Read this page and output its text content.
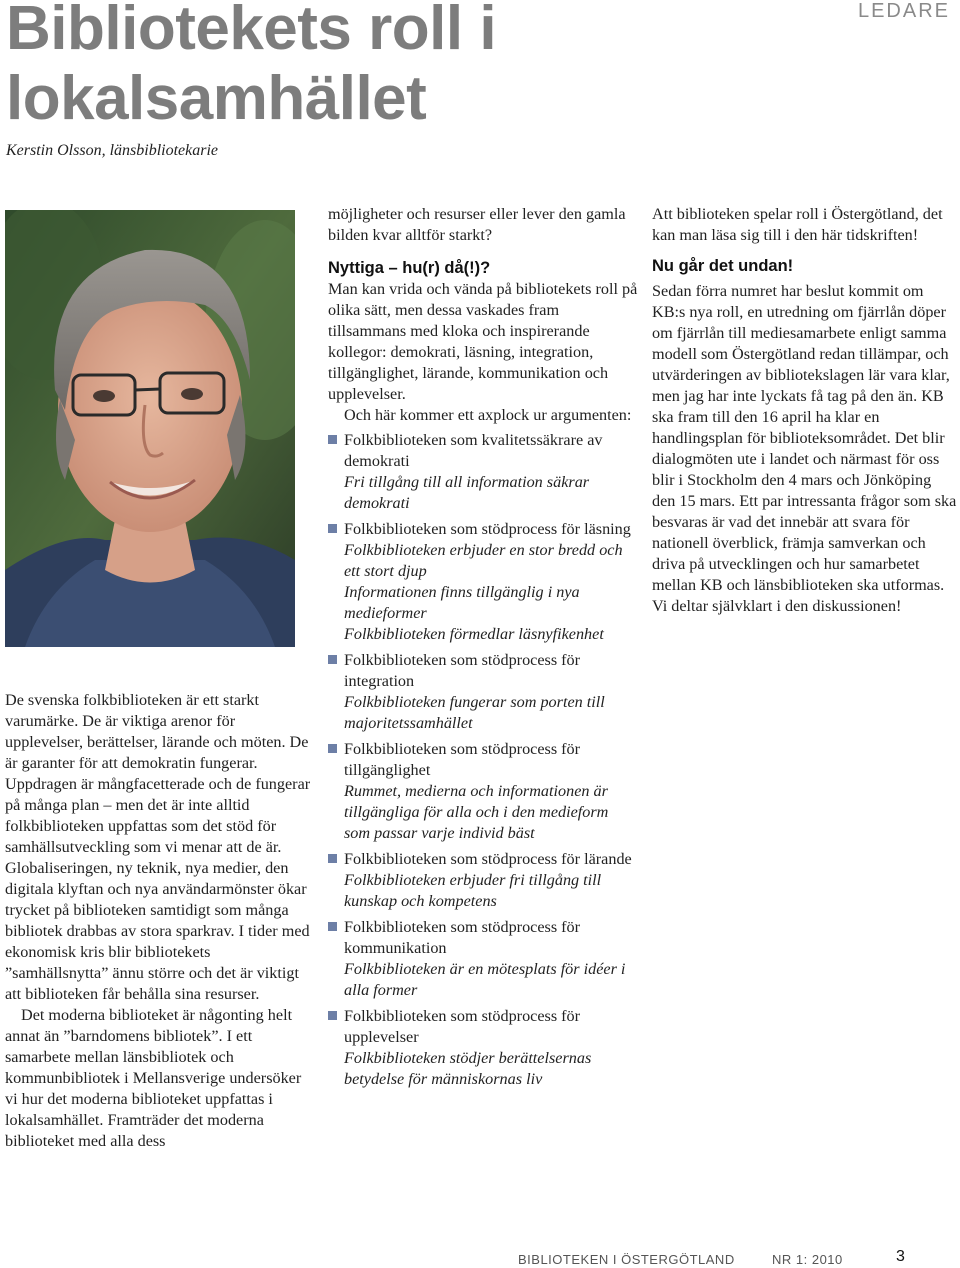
Bibliotekets roll i lokalsamhället
LEDARE
Kerstin Olsson, länsbibliotekarie

De svenska folkbiblioteken är ett starkt varumärke. De är viktiga arenor för upplevelser, berättelser, lärande och möten. De är garanter för att demokratin fungerar. Uppdragen är mångfacetterade och de fungerar på många plan – men det är inte alltid folkbiblioteken uppfattas som det stöd för samhällsutveckling som vi menar att de är. Globaliseringen, ny teknik, nya medier, den digitala klyftan och nya användarmönster ökar trycket på biblioteken samtidigt som många bibliotek drabbas av stora sparkrav. I tider med ekonomisk kris blir bibliotekets ”samhällsnytta” ännu större och det är viktigt att biblioteken får behålla sina resurser.

Det moderna biblioteket är någonting helt annat än ”barndomens bibliotek”. I ett samarbete mellan länsbibliotek och kommunbibliotek i Mellansverige undersöker vi hur det moderna biblioteket uppfattas i lokalsamhället. Framträder det moderna biblioteket med alla dess

möjligheter och resurser eller lever den gamla bilden kvar alltför starkt?

Nyttiga – hu(r) då(!)?

Man kan vrida och vända på bibliotekets roll på olika sätt, men dessa vaskades fram tillsammans med kloka och inspirerande kollegor: demokrati, läsning, integration, tillgänglighet, lärande, kommunikation och upplevelser.

Och här kommer ett axplock ur argumenten:

Folkbiblioteken som kvalitetssäkrare av demokrati
Fri tillgång till all information säkrar demokrati
Folkbiblioteken som stödprocess för läsning
Folkbiblioteken erbjuder en stor bredd och ett stort djup
Informationen finns tillgänglig i nya medieformer
Folkbiblioteken förmedlar läsnyfikenhet
Folkbiblioteken som stödprocess för integration
Folkbiblioteken fungerar som porten till majoritetssamhället
Folkbiblioteken som stödprocess för tillgänglighet
Rummet, medierna och informationen är tillgängliga för alla och i den medieform som passar varje individ bäst
Folkbiblioteken som stödprocess för lärande
Folkbiblioteken erbjuder fri tillgång till kunskap och kompetens
Folkbiblioteken som stödprocess för kommunikation
Folkbiblioteken är en mötesplats för idéer i alla former
Folkbiblioteken som stödprocess för upplevelser
Folkbiblioteken stödjer berättelsernas betydelse för människornas liv

Att biblioteken spelar roll i Östergötland, det kan man läsa sig till i den här tidskriften!

Nu går det undan!

Sedan förra numret har beslut kommit om KB:s nya roll, en utredning om fjärrlån döper om fjärrlån till mediesamarbete enligt samma modell som Östergötland redan tillämpar, och utvärderingen av bibliotekslagen lär vara klar, men jag har inte lyckats få tag på den än. KB ska fram till den 16 april ha klar en handlingsplan för biblioteksområdet. Det blir dialogmöten ute i landet och närmast för oss blir i Stockholm den 4 mars och Jönköping den 15 mars. Ett par intressanta frågor som ska besvaras är vad det innebär att svara för nationell överblick, främja samverkan och driva på utvecklingen och hur samarbetet mellan KB och länsbiblioteken ska utformas. Vi deltar självklart i den diskussionen!

BIBLIOTEKEN I ÖSTERGÖTLAND	NR 1: 2010	3
